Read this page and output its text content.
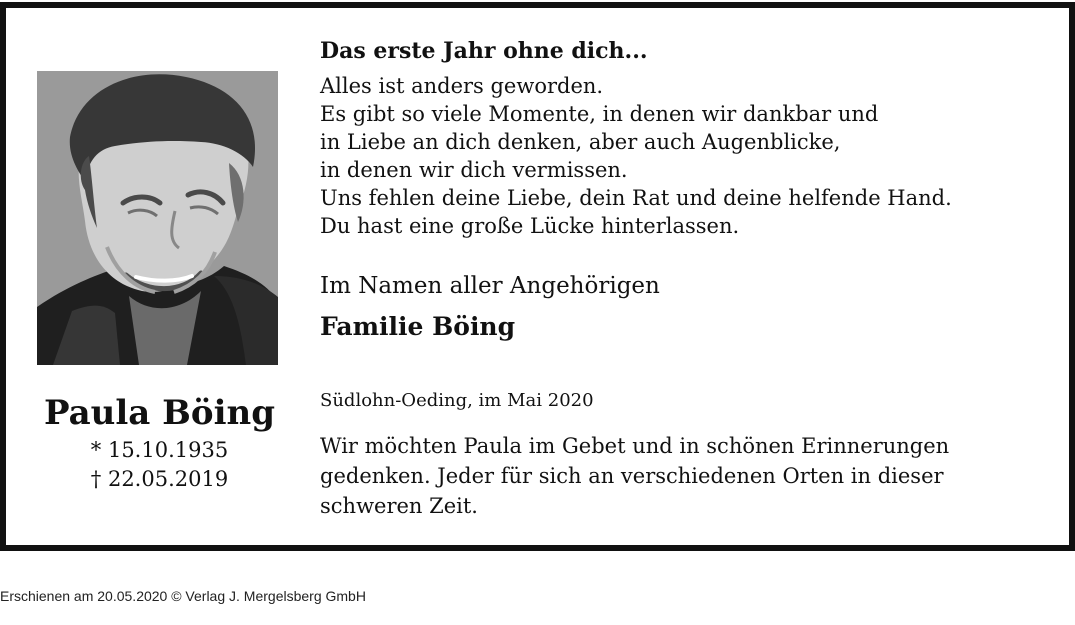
Paula Böing
* 15.10.1935
† 22.05.2019
Das erste Jahr ohne dich...
Alles ist anders geworden.
Es gibt so viele Momente, in denen wir dankbar und
in Liebe an dich denken, aber auch Augenblicke,
in denen wir dich vermissen.
Uns fehlen deine Liebe, dein Rat und deine helfende Hand.
Du hast eine große Lücke hinterlassen.
Im Namen aller Angehörigen
Familie Böing
Südlohn-Oeding, im Mai 2020
Wir möchten Paula im Gebet und in schönen Erinnerungen
gedenken. Jeder für sich an verschiedenen Orten in dieser
schweren Zeit.
Erschienen am 20.05.2020 © Verlag J. Mergelsberg GmbH
